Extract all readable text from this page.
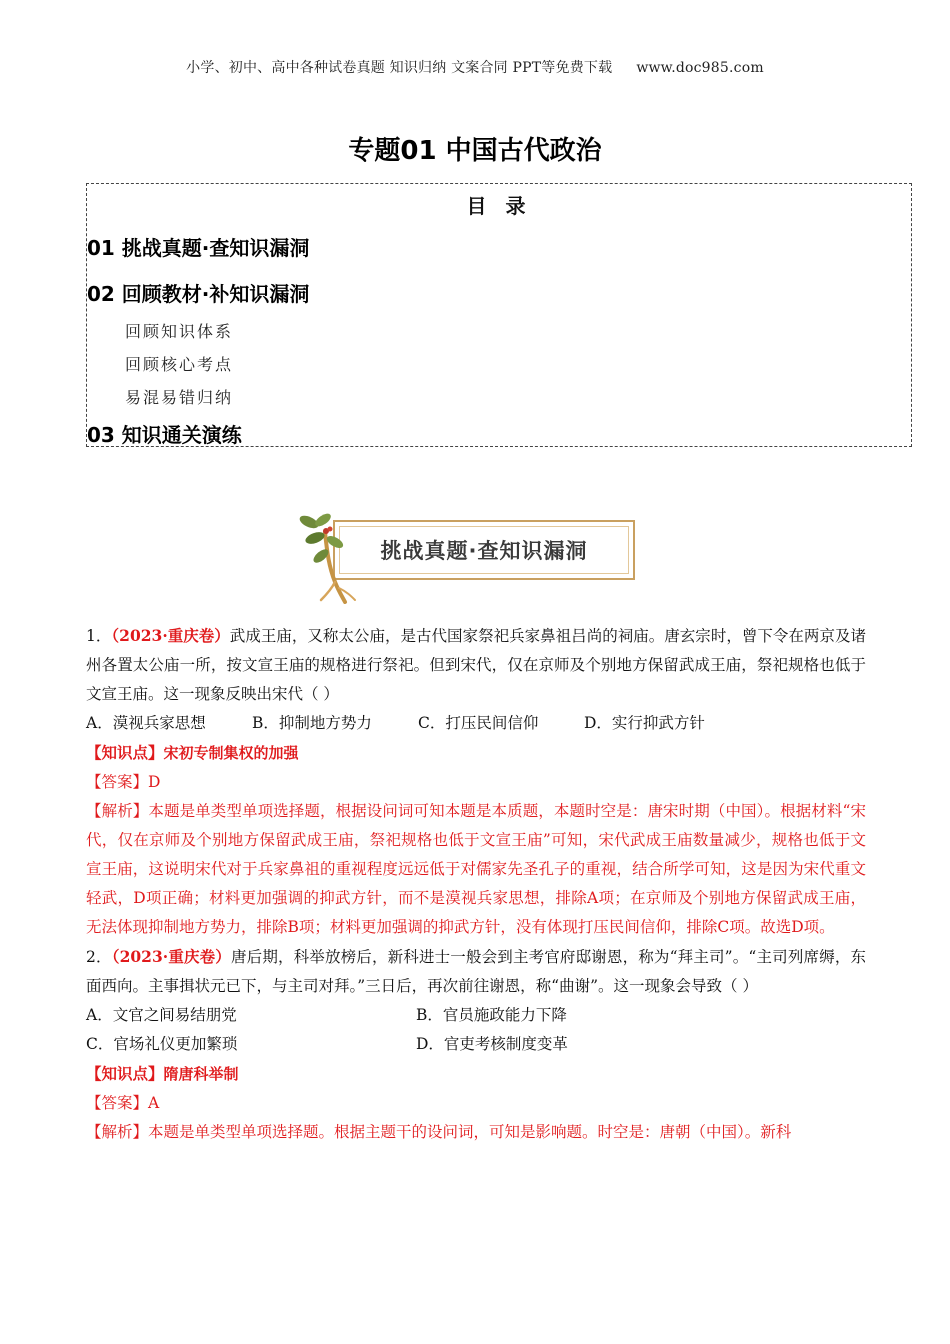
小学、初中、高中各种试卷真题 知识归纳 文案合同 PPT等免费下载 www.doc985.com
专题01 中国古代政治
目 录
01 挑战真题·查知识漏洞
02 回顾教材·补知识漏洞
回顾知识体系
回顾核心考点
易混易错归纳
03 知识通关演练
挑战真题·查知识漏洞

1．（2023·重庆卷）武成王庙，又称太公庙，是古代国家祭祀兵家鼻祖吕尚的祠庙。唐玄宗时，曾下令在两京及诸州各置太公庙一所，按文宣王庙的规格进行祭祀。但到宋代，仅在京师及个别地方保留武成王庙，祭祀规格也低于文宣王庙。这一现象反映出宋代（ ）

A．漠视兵家思想	B．抑制地方势力	C．打压民间信仰	D．实行抑武方针

【知识点】宋初专制集权的加强

【答案】D

【解析】本题是单类型单项选择题，根据设问词可知本题是本质题，本题时空是：唐宋时期（中国）。根据材料“宋代，仅在京师及个别地方保留武成王庙，祭祀规格也低于文宣王庙”可知，宋代武成王庙数量减少，规格也低于文宣王庙，这说明宋代对于兵家鼻祖的重视程度远远低于对儒家先圣孔子的重视，结合所学可知，这是因为宋代重文轻武，D项正确；材料更加强调的抑武方针，而不是漠视兵家思想，排除A项；在京师及个别地方保留武成王庙，无法体现抑制地方势力，排除B项；材料更加强调的抑武方针，没有体现打压民间信仰，排除C项。故选D项。

2．（2023·重庆卷）唐后期，科举放榜后，新科进士一般会到主考官府邸谢恩，称为“拜主司”。“主司列席缛，东面西向。主事揖状元已下，与主司对拜。”三日后，再次前往谢恩，称“曲谢”。这一现象会导致（ ）

A．文官之间易结朋党	B．官员施政能力下降
C．官场礼仪更加繁琐	D．官吏考核制度变革

【知识点】隋唐科举制

【答案】A

【解析】本题是单类型单项选择题。根据主题干的设问词，可知是影响题。时空是：唐朝（中国）。新科
